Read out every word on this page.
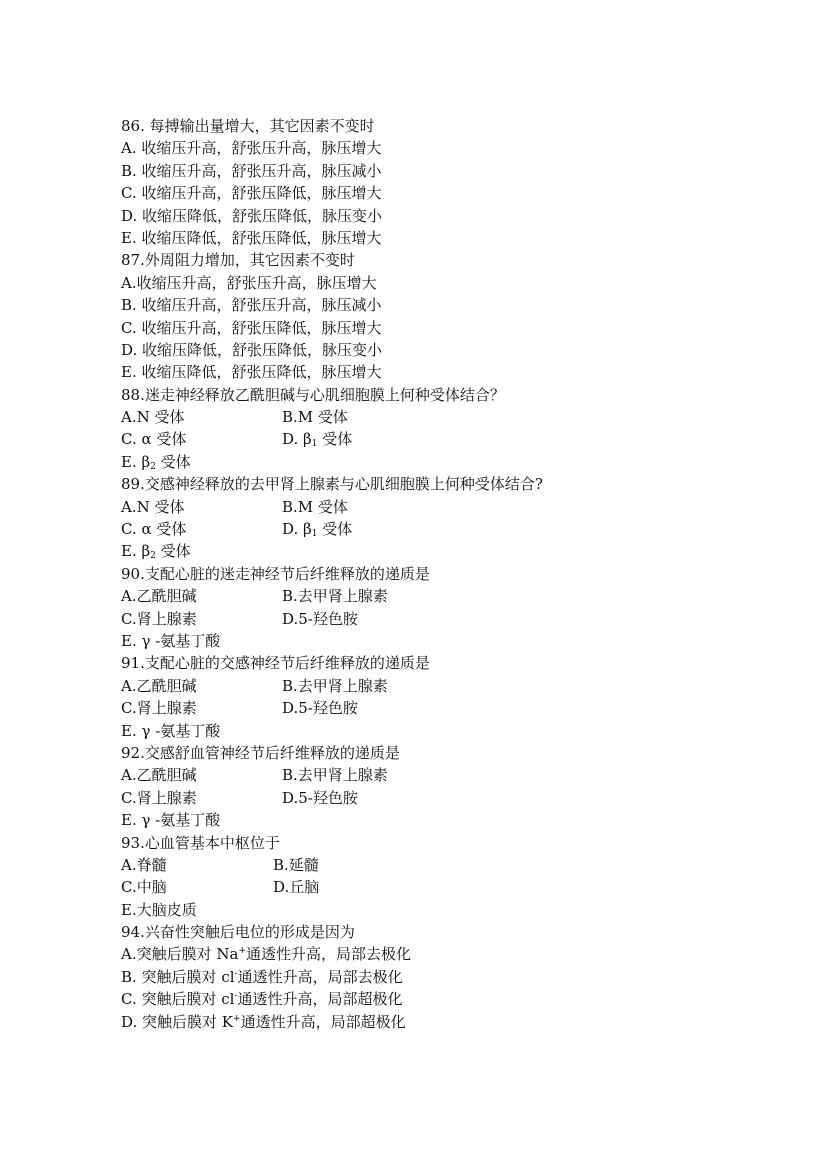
86. 每搏输出量增大，其它因素不变时
A. 收缩压升高，舒张压升高，脉压增大
B. 收缩压升高，舒张压升高，脉压减小
C. 收缩压升高，舒张压降低，脉压增大
D. 收缩压降低，舒张压降低，脉压变小
E. 收缩压降低，舒张压降低，脉压增大
87.外周阻力增加，其它因素不变时
A.收缩压升高，舒张压升高，脉压增大
B. 收缩压升高，舒张压升高，脉压减小
C. 收缩压升高，舒张压降低，脉压增大
D. 收缩压降低，舒张压降低，脉压变小
E. 收缩压降低，舒张压降低，脉压增大
88.迷走神经释放乙酰胆碱与心肌细胞膜上何种受体结合？
A.N 受体	B.M 受体
C. α 受体	D. $\beta_1$ 受体
E. $\beta_2$ 受体
89.交感神经释放的去甲肾上腺素与心肌细胞膜上何种受体结合?
A.N 受体	B.M 受体
C. α 受体	D. $\beta_1$ 受体
E. $\beta_2$ 受体
90.支配心脏的迷走神经节后纤维释放的递质是
A.乙酰胆碱	B.去甲肾上腺素
C.肾上腺素	D.5-羟色胺
E. γ -氨基丁酸
91.支配心脏的交感神经节后纤维释放的递质是
A.乙酰胆碱	B.去甲肾上腺素
C.肾上腺素	D.5-羟色胺
E. γ -氨基丁酸
92.交感舒血管神经节后纤维释放的递质是
A.乙酰胆碱	B.去甲肾上腺素
C.肾上腺素	D.5-羟色胺
E. γ -氨基丁酸
93.心血管基本中枢位于
A.脊髓	B.延髓
C.中脑	D.丘脑
E.大脑皮质
94.兴奋性突触后电位的形成是因为
A.突触后膜对 Na+通透性升高，局部去极化
B. 突触后膜对 cl-通透性升高，局部去极化
C. 突触后膜对 cl-通透性升高，局部超极化
D. 突触后膜对 K+通透性升高，局部超极化
